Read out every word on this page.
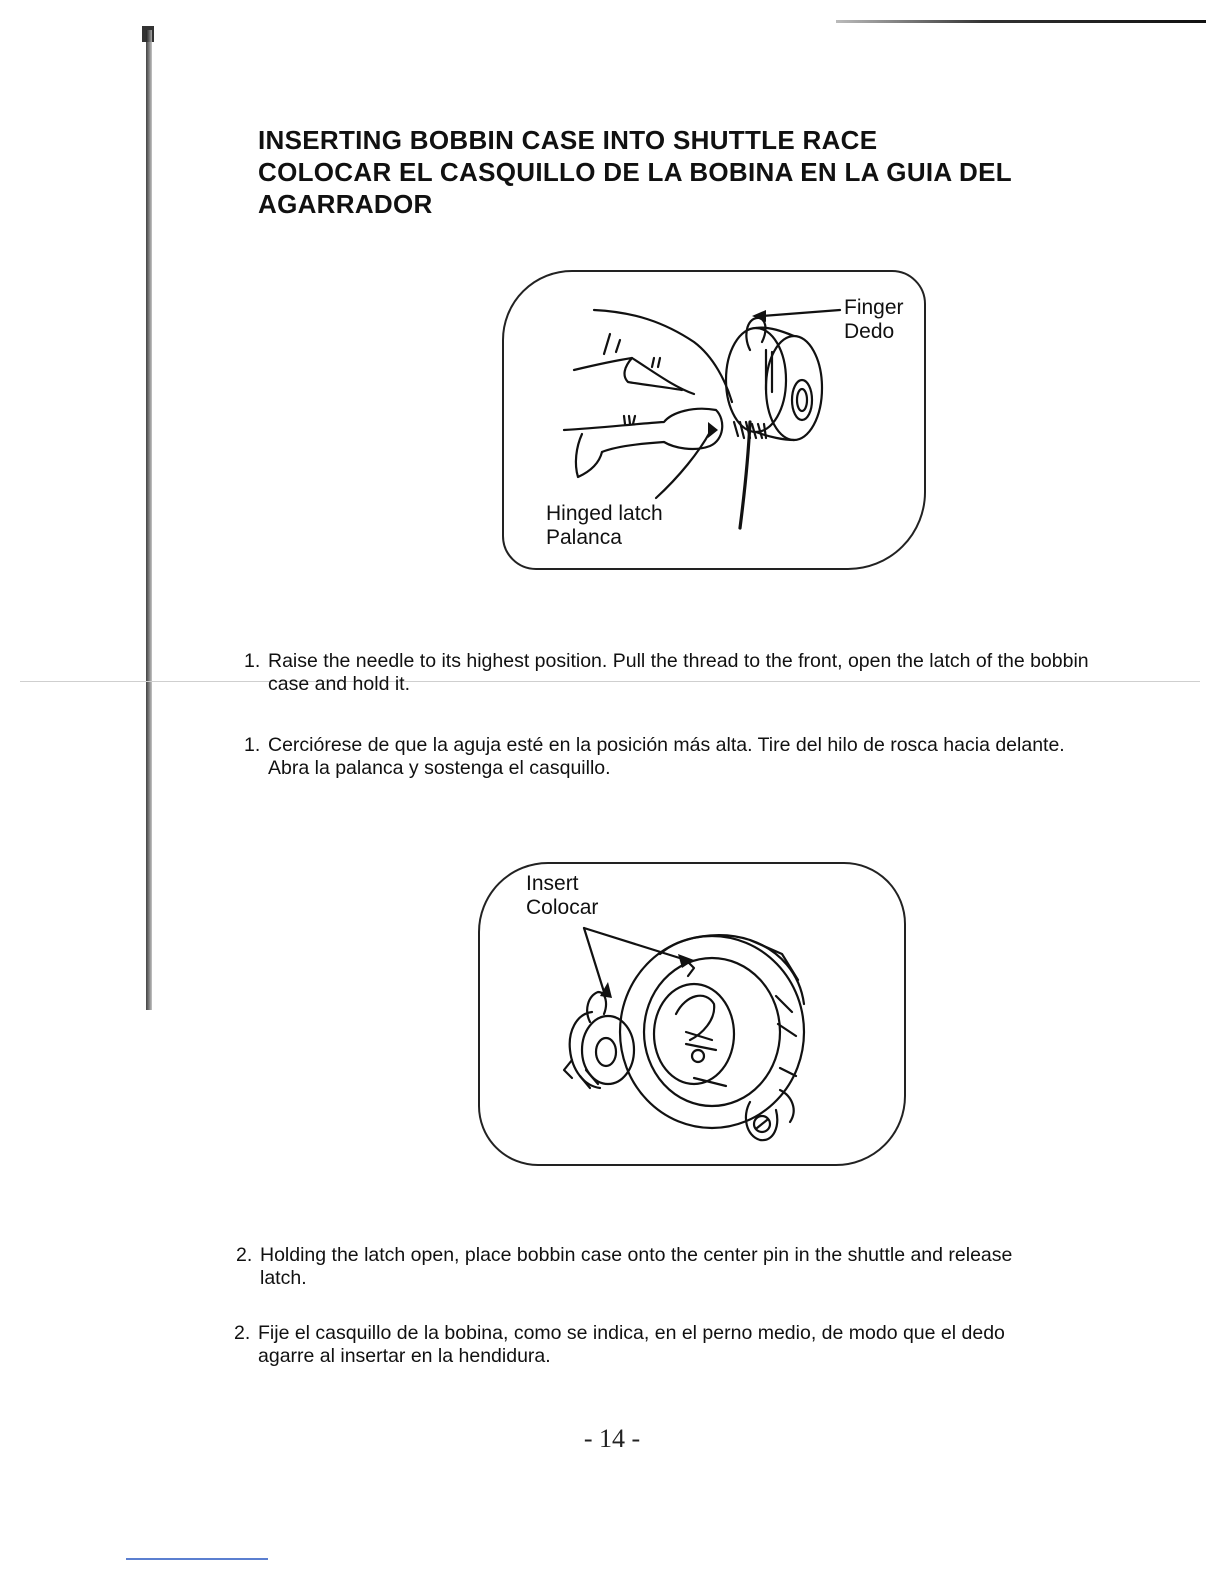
INSERTING BOBBIN CASE INTO SHUTTLE RACE
COLOCAR EL CASQUILLO DE LA BOBINA EN LA GUIA DEL
AGARRADOR
Finger
Dedo
Hinged latch
Palanca

1. Raise the needle to its highest position. Pull the thread to the front, open the latch of the bobbin case and hold it.

1. Cerciórese de que la aguja esté en la posición más alta. Tire del hilo de rosca hacia delante. Abra la palanca y sostenga el casquillo.

Insert
Colocar

2. Holding the latch open, place bobbin case onto the center pin in the shuttle and release latch.

2. Fije el casquillo de la bobina, como se indica, en el perno medio, de modo que el dedo agarre al insertar en la hendidura.

- 14 -
